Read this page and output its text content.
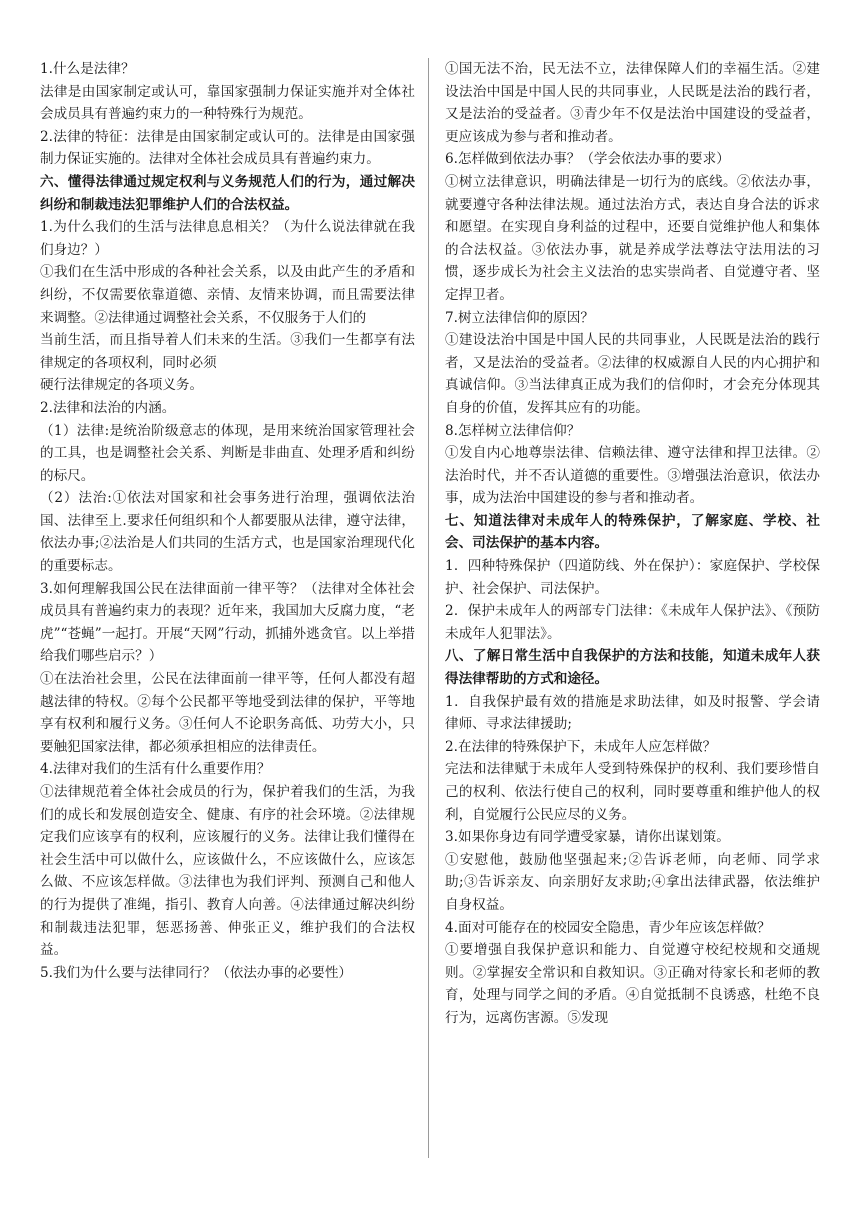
1.什么是法律？

法律是由国家制定或认可，靠国家强制力保证实施并对全体社会成员具有普遍约束力的一种特殊行为规范。

2.法律的特征：法律是由国家制定或认可的。法律是由国家强制力保证实施的。法律对全体社会成员具有普遍约束力。

六、懂得法律通过规定权利与义务规范人们的行为，通过解决纠纷和制裁违法犯罪维护人们的合法权益。

1.为什么我们的生活与法律息息相关？（为什么说法律就在我们身边？）

①我们在生活中形成的各种社会关系，以及由此产生的矛盾和纠纷，不仅需要依靠道德、亲情、友情来协调，而且需要法律来调整。②法律通过调整社会关系，不仅服务于人们的
当前生活，而且指导着人们未来的生活。③我们一生都享有法律规定的各项权利，同时必须
硬行法律规定的各项义务。

2.法律和法治的内涵。

（1）法律:是统治阶级意志的体现，是用来统治国家管理社会的工具，也是调整社会关系、判断是非曲直、处理矛盾和纠纷的标尺。

（2）法治:①依法对国家和社会事务进行治理，强调依法治国、法律至上.要求任何组织和个人都要服从法律，遵守法律，依法办事;②法治是人们共同的生活方式，也是国家治理现代化的重要标志。

3.如何理解我国公民在法律面前一律平等？（法律对全体社会成员具有普遍约束力的表现？近年来，我国加大反腐力度，“老虎”“苍蝇”一起打。开展“天网”行动，抓捕外逃贪官。以上举措给我们哪些启示？）

①在法治社会里，公民在法律面前一律平等，任何人都没有超越法律的特权。②每个公民都平等地受到法律的保护，平等地享有权利和履行义务。③任何人不论职务高低、功劳大小，只要触犯国家法律，都必须承担相应的法律责任。

4.法律对我们的生活有什么重要作用？

①法律规范着全体社会成员的行为，保护着我们的生活，为我们的成长和发展创造安全、健康、有序的社会环境。②法律规定我们应该享有的权利，应该履行的义务。法律让我们懂得在社会生活中可以做什么，应该做什么，不应该做什么，应该怎么做、不应该怎样做。③法律也为我们评判、预测自己和他人的行为提供了准绳，指引、教育人向善。④法律通过解决纠纷和制裁违法犯罪，惩恶扬善、伸张正义，维护我们的合法权益。

5.我们为什么要与法律同行？（依法办事的必要性）

①国无法不治，民无法不立，法律保障人们的幸福生活。②建设法治中国是中国人民的共同事业，人民既是法治的践行者，又是法治的受益者。③青少年不仅是法治中国建设的受益者，更应该成为参与者和推动者。

6.怎样做到依法办事？（学会依法办事的要求）

①树立法律意识，明确法律是一切行为的底线。②依法办事，就要遵守各种法律法规。通过法治方式，表达自身合法的诉求和愿望。在实现自身利益的过程中，还要自觉维护他人和集体的合法权益。③依法办事，就是养成学法尊法守法用法的习惯，逐步成长为社会主义法治的忠实崇尚者、自觉遵守者、坚定捍卫者。

7.树立法律信仰的原因？

①建设法治中国是中国人民的共同事业，人民既是法治的践行者，又是法治的受益者。②法律的权威源自人民的内心拥护和真诚信仰。③当法律真正成为我们的信仰时，才会充分体现其自身的价值，发挥其应有的功能。

8.怎样树立法律信仰？

①发自内心地尊崇法律、信赖法律、遵守法律和捍卫法律。②法治时代，并不否认道德的重要性。③增强法治意识，依法办事，成为法治中国建设的参与者和推动者。

七、知道法律对未成年人的特殊保护，了解家庭、学校、社会、司法保护的基本内容。

1．四种特殊保护（四道防线、外在保护）：家庭保护、学校保护、社会保护、司法保护。

2．保护未成年人的两部专门法律：《未成年人保护法》、《预防未成年人犯罪法》。

八、了解日常生活中自我保护的方法和技能，知道未成年人获得法律帮助的方式和途径。

1．自我保护最有效的措施是求助法律，如及时报警、学会请律师、寻求法律援助;

2.在法律的特殊保护下，未成年人应怎样做？

完法和法律赋于未成年人受到特殊保护的权利、我们要珍惜自己的权利、依法行使自己的权利，同时要尊重和维护他人的权利，自觉履行公民应尽的义务。

3.如果你身边有同学遭受家暴，请你出谋划策。

①安慰他，鼓励他坚强起来;②告诉老师，向老师、同学求助;③告诉亲友、向亲朋好友求助;④拿出法律武器，依法维护自身权益。

4.面对可能存在的校园安全隐患，青少年应该怎样做？

①要增强自我保护意识和能力、自觉遵守校纪校规和交通规则。②掌握安全常识和自救知识。③正确对待家长和老师的教育，处理与同学之间的矛盾。④自觉抵制不良诱惑，杜绝不良行为，远离伤害源。⑤发现
